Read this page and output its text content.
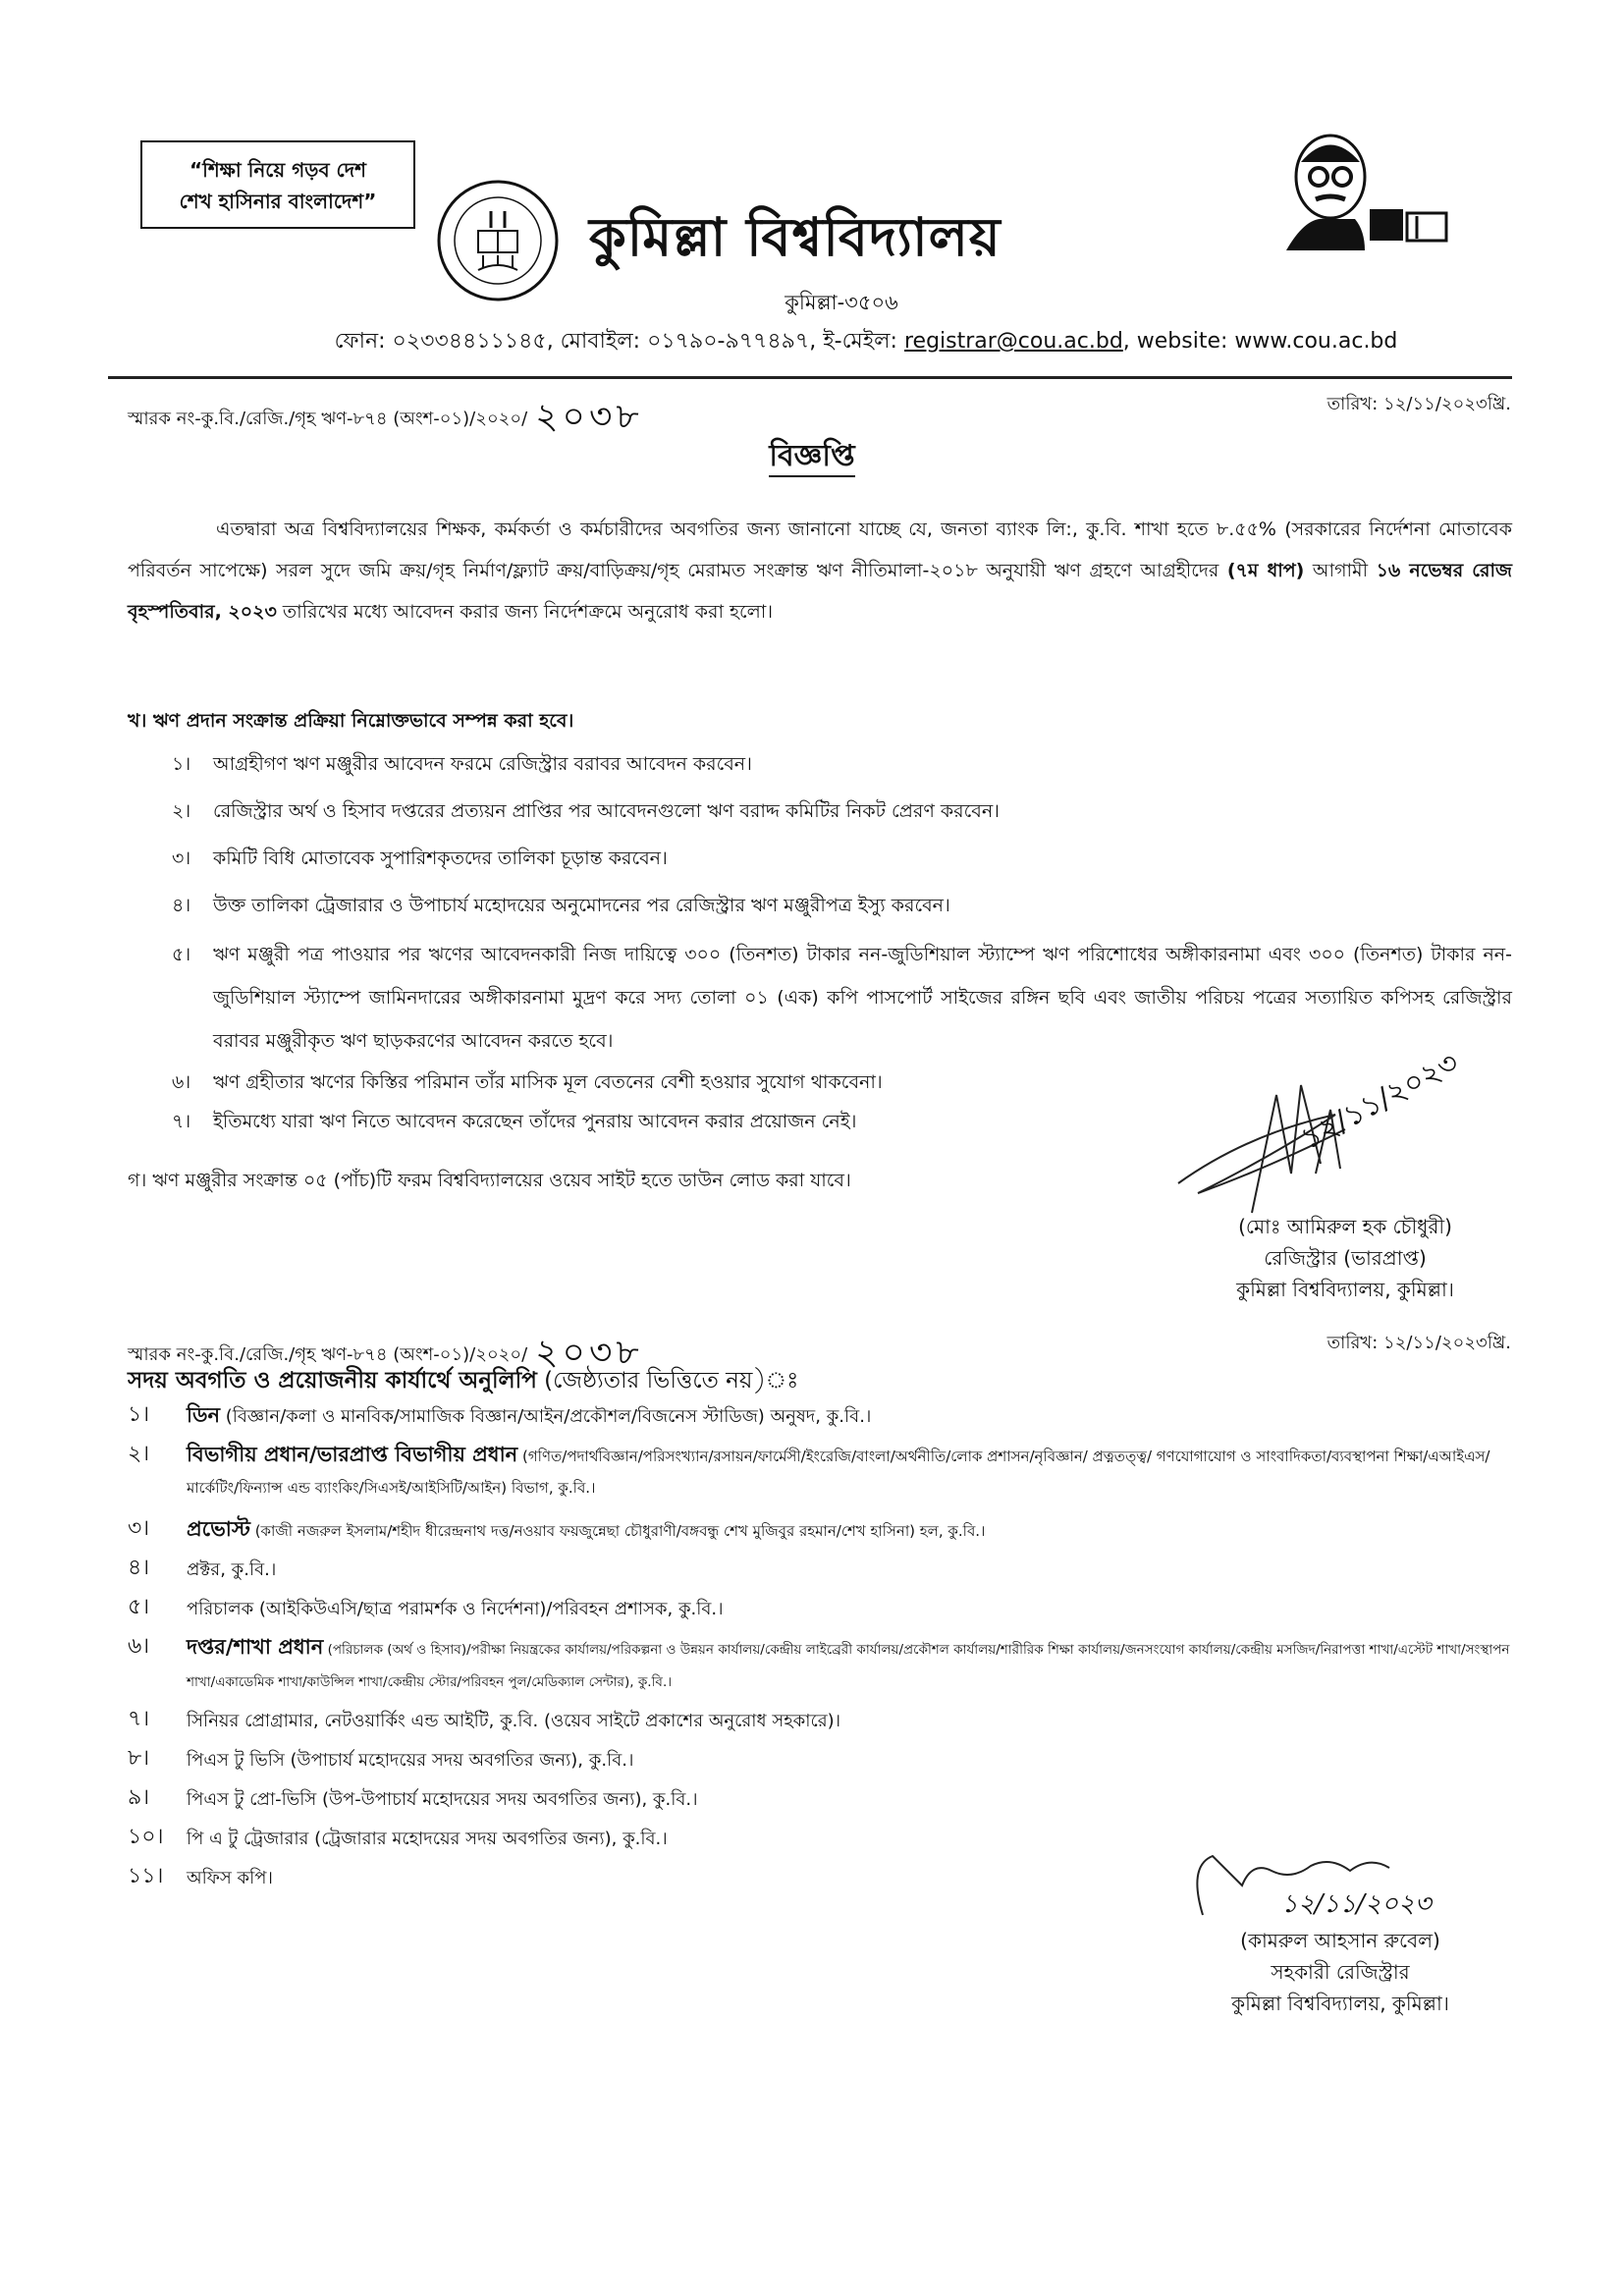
“শিক্ষা নিয়ে গড়ব দেশ
শেখ হাসিনার বাংলাদেশ”
কুমিল্লা বিশ্ববিদ্যালয়
কুমিল্লা-৩৫০৬
ফোন: ০২৩৩৪৪১১১৪৫, মোবাইল: ০১৭৯০-৯৭৭৪৯৭, ই-মেইল: registrar@cou.ac.bd, website: www.cou.ac.bd
স্মারক নং-কু.বি./রেজি./গৃহ ঋণ-৮৭৪ (অংশ-০১)/২০২০/ ২০৩৮	তারিখ: ১২/১১/২০২৩খ্রি.
বিজ্ঞপ্তি
এতদ্বারা অত্র বিশ্ববিদ্যালয়ের শিক্ষক, কর্মকর্তা ও কর্মচারীদের অবগতির জন্য জানানো যাচ্ছে যে, জনতা ব্যাংক লি:, কু.বি. শাখা হতে ৮.৫৫% (সরকারের নির্দেশনা মোতাবেক পরিবর্তন সাপেক্ষে) সরল সুদে জমি ক্রয়/গৃহ নির্মাণ/ফ্ল্যাট ক্রয়/বাড়িক্রয়/গৃহ মেরামত সংক্রান্ত ঋণ নীতিমালা-২০১৮ অনুযায়ী ঋণ গ্রহণে আগ্রহীদের (৭ম ধাপ) আগামী ১৬ নভেম্বর রোজ বৃহস্পতিবার, ২০২৩ তারিখের মধ্যে আবেদন করার জন্য নির্দেশক্রমে অনুরোধ করা হলো।
খ। ঋণ প্রদান সংক্রান্ত প্রক্রিয়া নিম্নোক্তভাবে সম্পন্ন করা হবে।
১।	আগ্রহীগণ ঋণ মঞ্জুরীর আবেদন ফরমে রেজিস্ট্রার বরাবর আবেদন করবেন।
২।	রেজিস্ট্রার অর্থ ও হিসাব দপ্তরের প্রত্যয়ন প্রাপ্তির পর আবেদনগুলো ঋণ বরাদ্দ কমিটির নিকট প্রেরণ করবেন।
৩।	কমিটি বিধি মোতাবেক সুপারিশকৃতদের তালিকা চূড়ান্ত করবেন।
৪।	উক্ত তালিকা ট্রেজারার ও উপাচার্য মহোদয়ের অনুমোদনের পর রেজিস্ট্রার ঋণ মঞ্জুরীপত্র ইস্যু করবেন।
৫।	ঋণ মঞ্জুরী পত্র পাওয়ার পর ঋণের আবেদনকারী নিজ দায়িত্বে ৩০০ (তিনশত) টাকার নন-জুডিশিয়াল স্ট্যাম্পে ঋণ পরিশোধের অঙ্গীকারনামা এবং ৩০০ (তিনশত) টাকার নন-জুডিশিয়াল স্ট্যাম্পে জামিনদারের অঙ্গীকারনামা মুদ্রণ করে সদ্য তোলা ০১ (এক) কপি পাসপোর্ট সাইজের রঙ্গিন ছবি এবং জাতীয় পরিচয় পত্রের সত্যায়িত কপিসহ রেজিস্ট্রার বরাবর মঞ্জুরীকৃত ঋণ ছাড়করণের আবেদন করতে হবে।
৬।	ঋণ গ্রহীতার ঋণের কিস্তির পরিমান তাঁর মাসিক মূল বেতনের বেশী হওয়ার সুযোগ থাকবেনা।
৭।	ইতিমধ্যে যারা ঋণ নিতে আবেদন করেছেন তাঁদের পুনরায় আবেদন করার প্রয়োজন নেই।
গ। ঋণ মঞ্জুরীর সংক্রান্ত ০৫ (পাঁচ)টি ফরম বিশ্ববিদ্যালয়ের ওয়েব সাইট হতে ডাউন লোড করা যাবে।
১২/১১/২০২৩
(মোঃ আমিরুল হক চৌধুরী)
রেজিস্ট্রার (ভারপ্রাপ্ত)
কুমিল্লা বিশ্ববিদ্যালয়, কুমিল্লা।
স্মারক নং-কু.বি./রেজি./গৃহ ঋণ-৮৭৪ (অংশ-০১)/২০২০/ ২০৩৮	তারিখ: ১২/১১/২০২৩খ্রি.
সদয় অবগতি ও প্রয়োজনীয় কার্যার্থে অনুলিপি (জেষ্ঠ্যতার ভিত্তিতে নয়)ঃ
১।	ডিন (বিজ্ঞান/কলা ও মানবিক/সামাজিক বিজ্ঞান/আইন/প্রকৌশল/বিজনেস স্টাডিজ) অনুষদ, কু.বি.।
২।	বিভাগীয় প্রধান/ভারপ্রাপ্ত বিভাগীয় প্রধান (গণিত/পদার্থবিজ্ঞান/পরিসংখ্যান/রসায়ন/ফার্মেসী/ইংরেজি/বাংলা/অর্থনীতি/লোক প্রশাসন/নৃবিজ্ঞান/ প্রত্নতত্ত্ব/ গণযোগাযোগ ও সাংবাদিকতা/ব্যবস্থাপনা শিক্ষা/এআইএস/মার্কেটিং/ফিন্যান্স এন্ড ব্যাংকিং/সিএসই/আইসিটি/আইন) বিভাগ, কু.বি.।
৩।	প্রভোস্ট (কাজী নজরুল ইসলাম/শহীদ ধীরেন্দ্রনাথ দত্ত/নওয়াব ফয়জুন্নেছা চৌধুরাণী/বঙ্গবন্ধু শেখ মুজিবুর রহমান/শেখ হাসিনা) হল, কু.বি.।
৪।	প্রক্টর, কু.বি.।
৫।	পরিচালক (আইকিউএসি/ছাত্র পরামর্শক ও নির্দেশনা)/পরিবহন প্রশাসক, কু.বি.।
৬।	দপ্তর/শাখা প্রধান (পরিচালক (অর্থ ও হিসাব)/পরীক্ষা নিয়ন্ত্রকের কার্যালয়/পরিকল্পনা ও উন্নয়ন কার্যালয়/কেন্দ্রীয় লাইব্রেরী কার্যালয়/প্রকৌশল কার্যালয়/শারীরিক শিক্ষা কার্যালয়/জনসংযোগ কার্যালয়/কেন্দ্রীয় মসজিদ/নিরাপত্তা শাখা/এস্টেট শাখা/সংস্থাপন শাখা/একাডেমিক শাখা/কাউন্সিল শাখা/কেন্দ্রীয় স্টোর/পরিবহন পুল/মেডিক্যাল সেন্টার), কু.বি.।
৭।	সিনিয়র প্রোগ্রামার, নেটওয়ার্কিং এন্ড আইটি, কু.বি. (ওয়েব সাইটে প্রকাশের অনুরোধ সহকারে)।
৮।	পিএস টু ভিসি (উপাচার্য মহোদয়ের সদয় অবগতির জন্য), কু.বি.।
৯।	পিএস টু প্রো-ভিসি (উপ-উপাচার্য মহোদয়ের সদয় অবগতির জন্য), কু.বি.।
১০।	পি এ টু ট্রেজারার (ট্রেজারার মহোদয়ের সদয় অবগতির জন্য), কু.বি.।
১১।	অফিস কপি।
১২/১১/২০২৩
(কামরুল আহসান রুবেল)
সহকারী রেজিস্ট্রার
কুমিল্লা বিশ্ববিদ্যালয়, কুমিল্লা।
